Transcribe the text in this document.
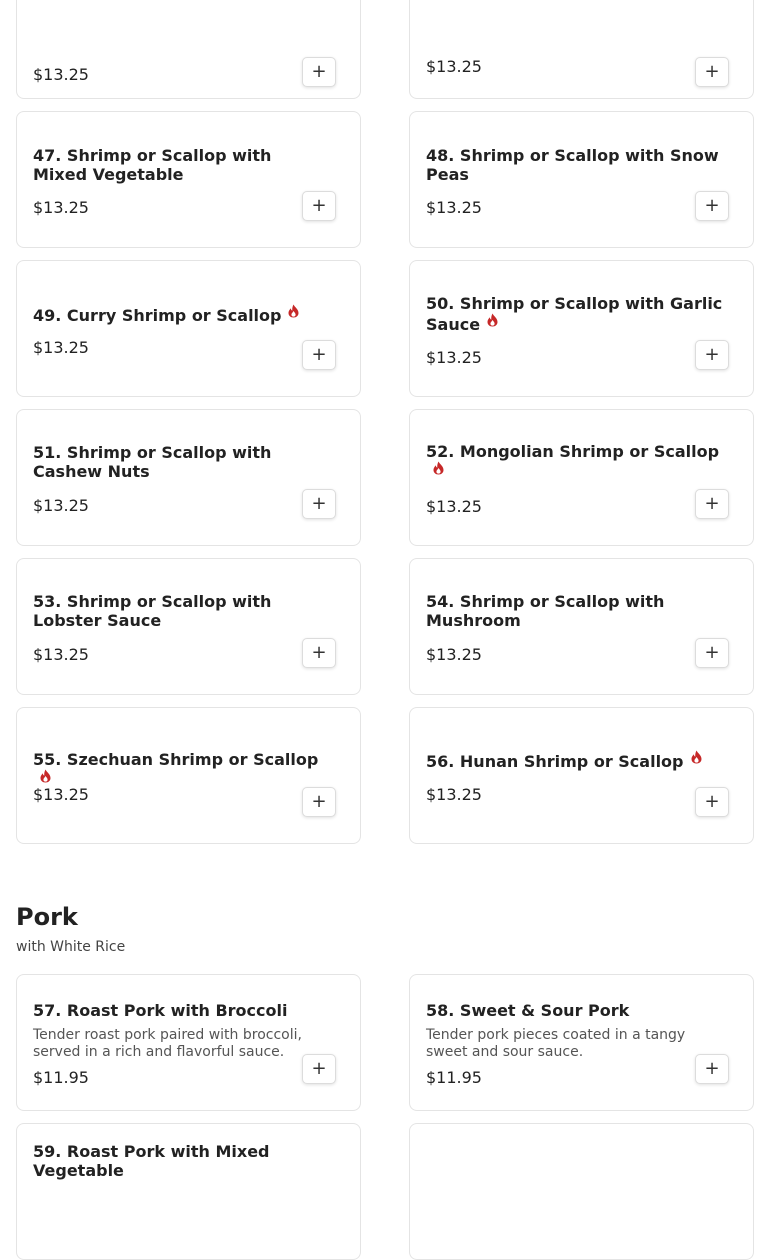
Pork
with White Rice
$13.25	+	$13.25	+
47. Shrimp or Scallop with Mixed Vegetable
$13.25	+
48. Shrimp or Scallop with Snow Peas
$13.25	+
49. Curry Shrimp or Scallop
$13.25	+
50. Shrimp or Scallop with Garlic Sauce
$13.25	+
51. Shrimp or Scallop with Cashew Nuts
$13.25	+
52. Mongolian Shrimp or Scallop
$13.25	+
53. Shrimp or Scallop with Lobster Sauce
$13.25	+
54. Shrimp or Scallop with Mushroom
$13.25	+
55. Szechuan Shrimp or Scallop
$13.25	+
56. Hunan Shrimp or Scallop
$13.25	+
57. Roast Pork with Broccoli
Tender roast pork paired with broccoli, served in a rich and flavorful sauce.
$11.95	+
58. Sweet & Sour Pork
Tender pork pieces coated in a tangy sweet and sour sauce.
$11.95	+
59. Roast Pork with Mixed Vegetable
